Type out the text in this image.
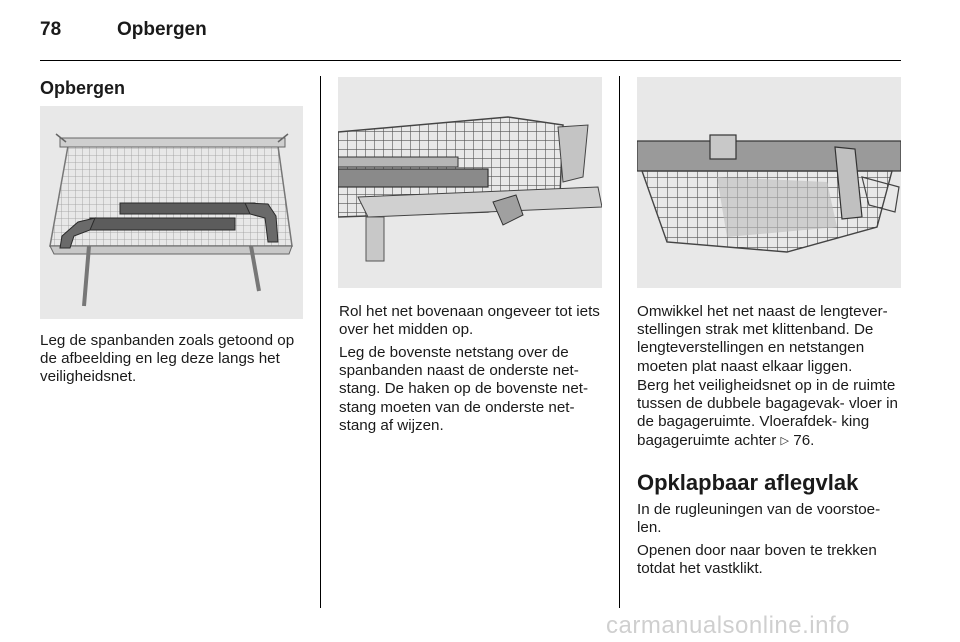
78	Opbergen
Opbergen

Leg de spanbanden zoals getoond op de afbeelding en leg deze langs het veiligheidsnet.

Rol het net bovenaan ongeveer tot iets over het midden op.

Leg de bovenste netstang over de spanbanden naast de onderste net- stang. De haken op de bovenste net- stang moeten van de onderste net- stang af wijzen.

Omwikkel het net naast de lengtever- stellingen strak met klittenband. De lengteverstellingen en netstangen moeten plat naast elkaar liggen.

Berg het veiligheidsnet op in de ruimte tussen de dubbele bagagevak- vloer in de bagageruimte. Vloerafdek- king bagageruimte achter ▷ 76.

Opklapbaar aflegvlak

In de rugleuningen van de voorstoe- len.

Openen door naar boven te trekken totdat het vastklikt.

carmanualsonline.info
